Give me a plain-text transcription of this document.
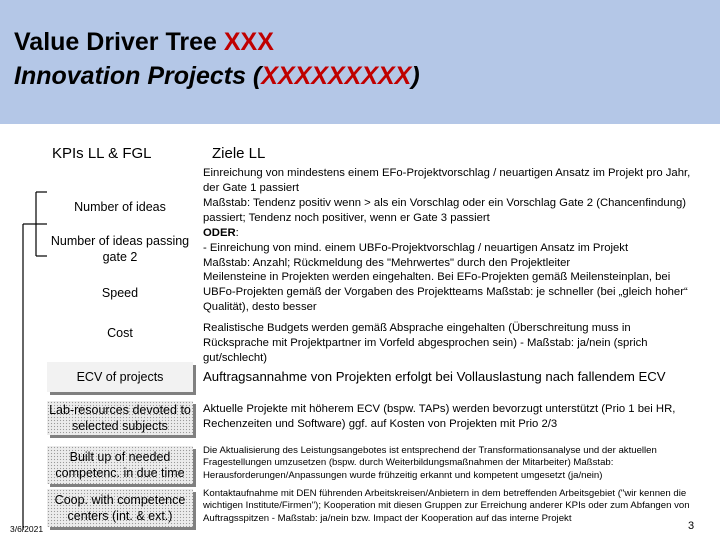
Value Driver Tree XXX
Innovation Projects (XXXXXXXXX)
KPIs LL & FGL	Ziele LL
Number of ideas
Number of ideas passing gate 2
Speed
Cost
ECV of projects
Lab-resources devoted to selected subjects
Built up of needed competenc. in due time
Coop. with competence centers (int. & ext.)
Einreichung von mindestens einem EFo-Projektvorschlag / neuartigen Ansatz im Projekt pro Jahr, der Gate 1 passiert
Maßstab: Tendenz positiv wenn > als ein Vorschlag oder ein Vorschlag Gate 2 (Chancenfindung) passiert; Tendenz noch positiver, wenn er Gate 3 passiert
ODER:
- Einreichung von mind. einem UBFo-Projektvorschlag / neuartigen Ansatz im Projekt
Maßstab: Anzahl; Rückmeldung des "Mehrwertes" durch den Projektleiter
Meilensteine in Projekten werden eingehalten. Bei EFo-Projekten gemäß Meilensteinplan, bei UBFo-Projekten gemäß der Vorgaben des Projektteams Maßstab: je schneller (bei „gleich hoher“ Qualität), desto besser
Realistische Budgets werden gemäß Absprache eingehalten (Überschreitung muss in Rücksprache mit Projektpartner im Vorfeld abgesprochen sein) - Maßstab: ja/nein (sprich gut/schlecht)
Auftragsannahme von Projekten erfolgt bei Vollauslastung nach fallendem ECV
Aktuelle Projekte mit höherem ECV (bspw. TAPs) werden bevorzugt unterstützt (Prio 1 bei HR, Rechenzeiten und Software) ggf. auf Kosten von Projekten mit Prio 2/3
Die Aktualisierung des Leistungsangebotes ist entsprechend der Transformationsanalyse und der aktuellen Fragestellungen umzusetzen (bspw. durch Weiterbildungsmaßnahmen der Mitarbeiter) Maßstab: Herausforderungen/Anpassungen wurde frühzeitig erkannt und kompetent umgesetzt (ja/nein)
Kontaktaufnahme mit DEN führenden Arbeitskreisen/Anbietern in dem betreffenden Arbeitsgebiet ("wir kennen die wichtigen Institute/Firmen"); Kooperation mit diesen Gruppen zur Erreichung anderer KPIs oder zum Abfangen von Auftragsspitzen - Maßstab: ja/nein bzw. Impact der Kooperation auf das interne Projekt
3/6/2021	3
